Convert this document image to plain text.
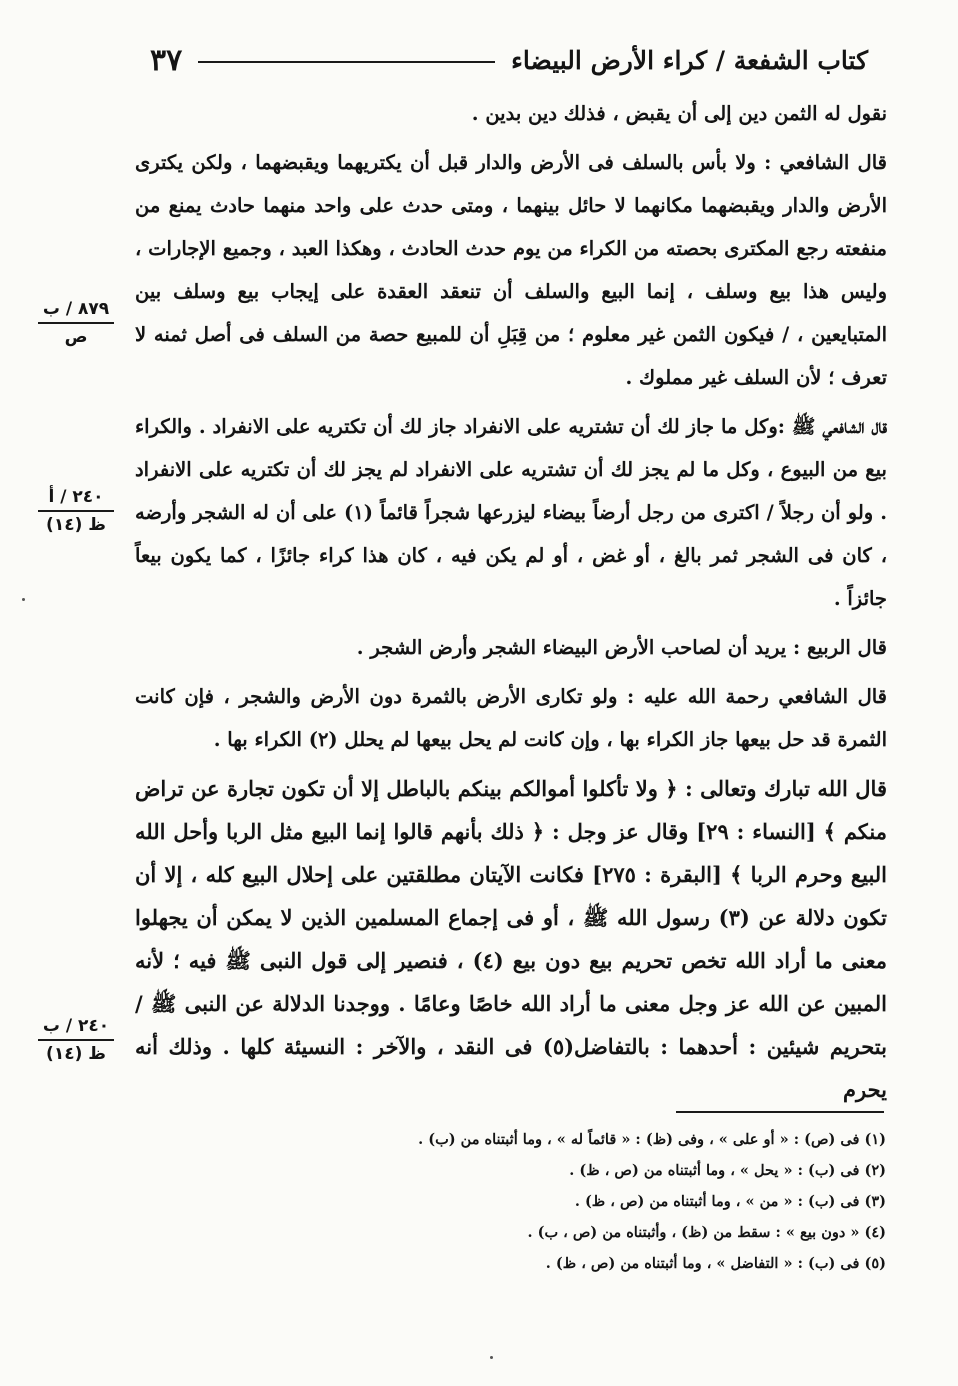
كتاب الشفعة / كراء الأرض البيضاء
٣٧

نقول له الثمن دين إلى أن يقبض ، فذلك دين بدين .

قال الشافعي : ولا بأس بالسلف فى الأرض والدار قبل أن يكتريهما ويقبضهما ، ولكن يكترى الأرض والدار ويقبضهما مكانهما لا حائل بينهما ، ومتى حدث على واحد منهما حادث يمنع من منفعته رجع المكترى بحصته من الكراء من يوم حدث الحادث ، وهكذا العبد ، وجميع الإجارات ، وليس هذا بيع وسلف ، إنما البيع والسلف أن تنعقد العقدة على إيجاب بيع وسلف بين المتبايعين ، / فيكون الثمن غير معلوم ؛ من قِبَلِ أن للمبيع حصة من السلف فى أصل ثمنه لا تعرف ؛ لأن السلف غير مملوك .

قال الشافعي ﷺ :وكل ما جاز لك أن تشتريه على الانفراد جاز لك أن تكتريه على الانفراد . والكراء بيع من البيوع ، وكل ما لم يجز لك أن تشتريه على الانفراد لم يجز لك أن تكتريه على الانفراد . ولو أن رجلاً / اكترى من رجل أرضاً بيضاء ليزرعها شجراً قائماً (١) على أن له الشجر وأرضه ، كان فى الشجر ثمر بالغ ، أو غض ، أو لم يكن فيه ، كان هذا كراء جائزًا ، كما يكون بيعاً جائزاً .

قال الربيع : يريد أن لصاحب الأرض البيضاء الشجر وأرض الشجر .

قال الشافعي رحمة الله عليه : ولو تكارى الأرض بالثمرة دون الأرض والشجر ، فإن كانت الثمرة قد حل بيعها جاز الكراء بها ، وإن كانت لم يحل بيعها لم يحلل (٢) الكراء بها .

قال الله تبارك وتعالى : ﴿ ولا تأكلوا أموالكم بينكم بالباطل إلا أن تكون تجارة عن تراض منكم ﴾ [النساء : ٢٩] وقال عز وجل : ﴿ ذلك بأنهم قالوا إنما البيع مثل الربا وأحل الله البيع وحرم الربا ﴾ [البقرة : ٢٧٥] فكانت الآيتان مطلقتين على إحلال البيع كله ، إلا أن تكون دلالة عن (٣) رسول الله ﷺ ، أو فى إجماع المسلمين الذين لا يمكن أن يجهلوا معنى ما أراد الله تخص تحريم بيع دون بيع (٤) ، فنصير إلى قول النبى ﷺ فيه ؛ لأنه المبين عن الله عز وجل معنى ما أراد الله خاصًا وعامًا . ووجدنا الدلالة عن النبى ﷺ / بتحريم شيئين : أحدهما : بالتفاضل(٥) فى النقد ، والآخر : النسيئة كلها . وذلك أنه يحرم

٨٧٩ / ب
ص
٢٤٠ / أ
ظ (١٤)
٢٤٠ / ب
ظ (١٤)
(١) فى (ص) : « أو على » ، وفى (ظ) : « قائماً له » ، وما أثبتناه من (ب) .
(٢) فى (ب) : « يحل » ، وما أثبتناه من (ص ، ظ) .
(٣) فى (ب) : « من » ، وما أثبتناه من (ص ، ظ) .
(٤) « دون بيع » : سقط من (ظ) ، وأثبتناه من (ص ، ب) .
(٥) فى (ب) : « التفاضل » ، وما أثبتناه من (ص ، ظ) .
